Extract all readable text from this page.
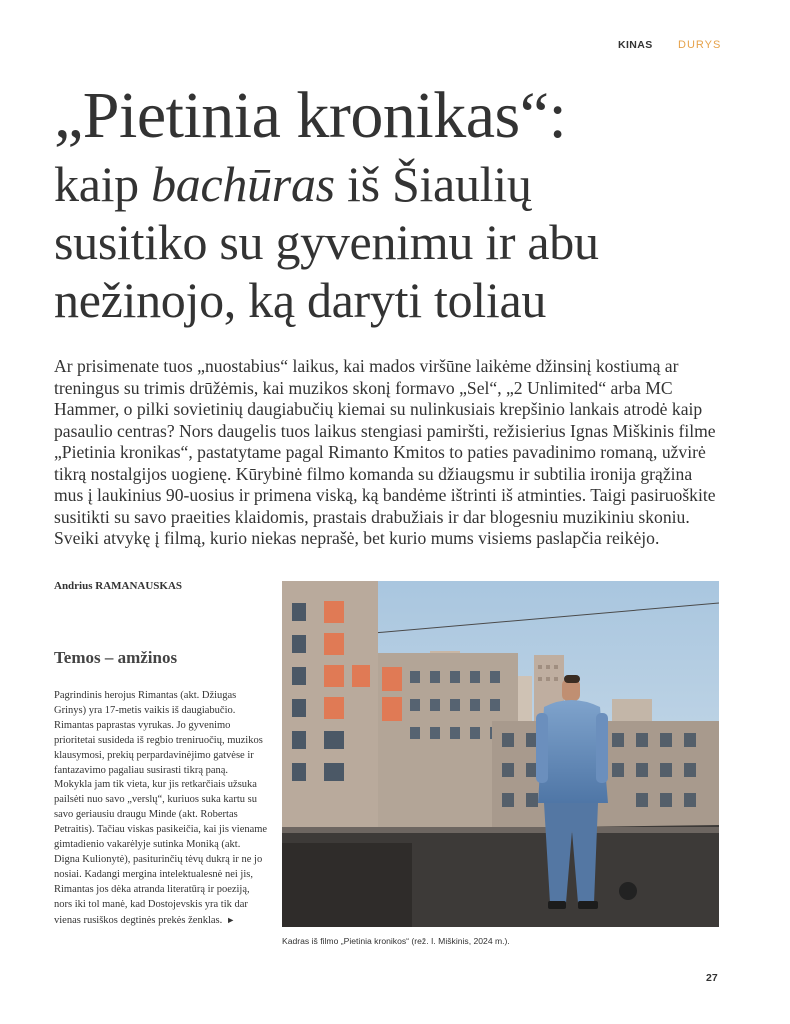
KINAS DURYS
„Pietinia kronikas“:
kaip bachūras iš Šiaulių
susitiko su gyvenimu ir abu
nežinojo, ką daryti toliau

Ar prisimenate tuos „nuostabius“ laikus, kai mados viršūne laikėme džinsinį kostiumą ar treningus su trimis drūžėmis, kai muzikos skonį formavo „Sel“, „2 Unlimited“ arba MC Hammer, o pilki sovietinių daugiabučių kiemai su nulinkusiais krepšinio lankais atrodė kaip pasaulio centras? Nors daugelis tuos laikus stengiasi pamiršti, režisierius Ignas Miškinis filme „Pietinia kronikas“, pastatytame pagal Rimanto Kmitos to paties pavadinimo romaną, užvirė tikrą nostalgijos uogienę. Kūrybinė filmo komanda su džiaugsmu ir subtilia ironija grąžina mus į laukinius 90-uosius ir primena viską, ką bandėme ištrinti iš atminties. Taigi pasiruoškite susitikti su savo praeities klaidomis, prastais drabužiais ir dar blogesniu muzikiniu skoniu. Sveiki atvykę į filmą, kurio niekas neprašė, bet kurio mums visiems paslapčia reikėjo.

Andrius RAMANAUSKAS
Temos – amžinos

Pagrindinis herojus Rimantas (akt. Džiugas Grinys) yra 17-metis vaikis iš daugiabučio. Rimantas paprastas vyrukas. Jo gyvenimo prioritetai susideda iš regbio treniruočių, muzikos klausymosi, prekių perpardavinėjimo gatvėse ir fantazavimo pagaliau susirasti tikrą paną. Mokykla jam tik vieta, kur jis retkarčiais užsuka pailsėti nuo savo „verslų“, kuriuos suka kartu su savo geriausiu draugu Minde (akt. Robertas Petraitis). Tačiau viskas pasikeičia, kai jis viename gimtadienio vakarėlyje sutinka Moniką (akt. Digna Kulionytė), pasiturinčių tėvų dukrą ir ne jo nosiai. Kadangi mergina intelektualesnė nei jis, Rimantas jos dėka atranda literatūrą ir poeziją, nors iki tol manė, kad Dostojevskis yra tik dar vienas rusiškos degtinės prekės ženklas. ►

Kadras iš filmo „Pietinia kronikos“ (rež. I. Miškinis, 2024 m.).
27
